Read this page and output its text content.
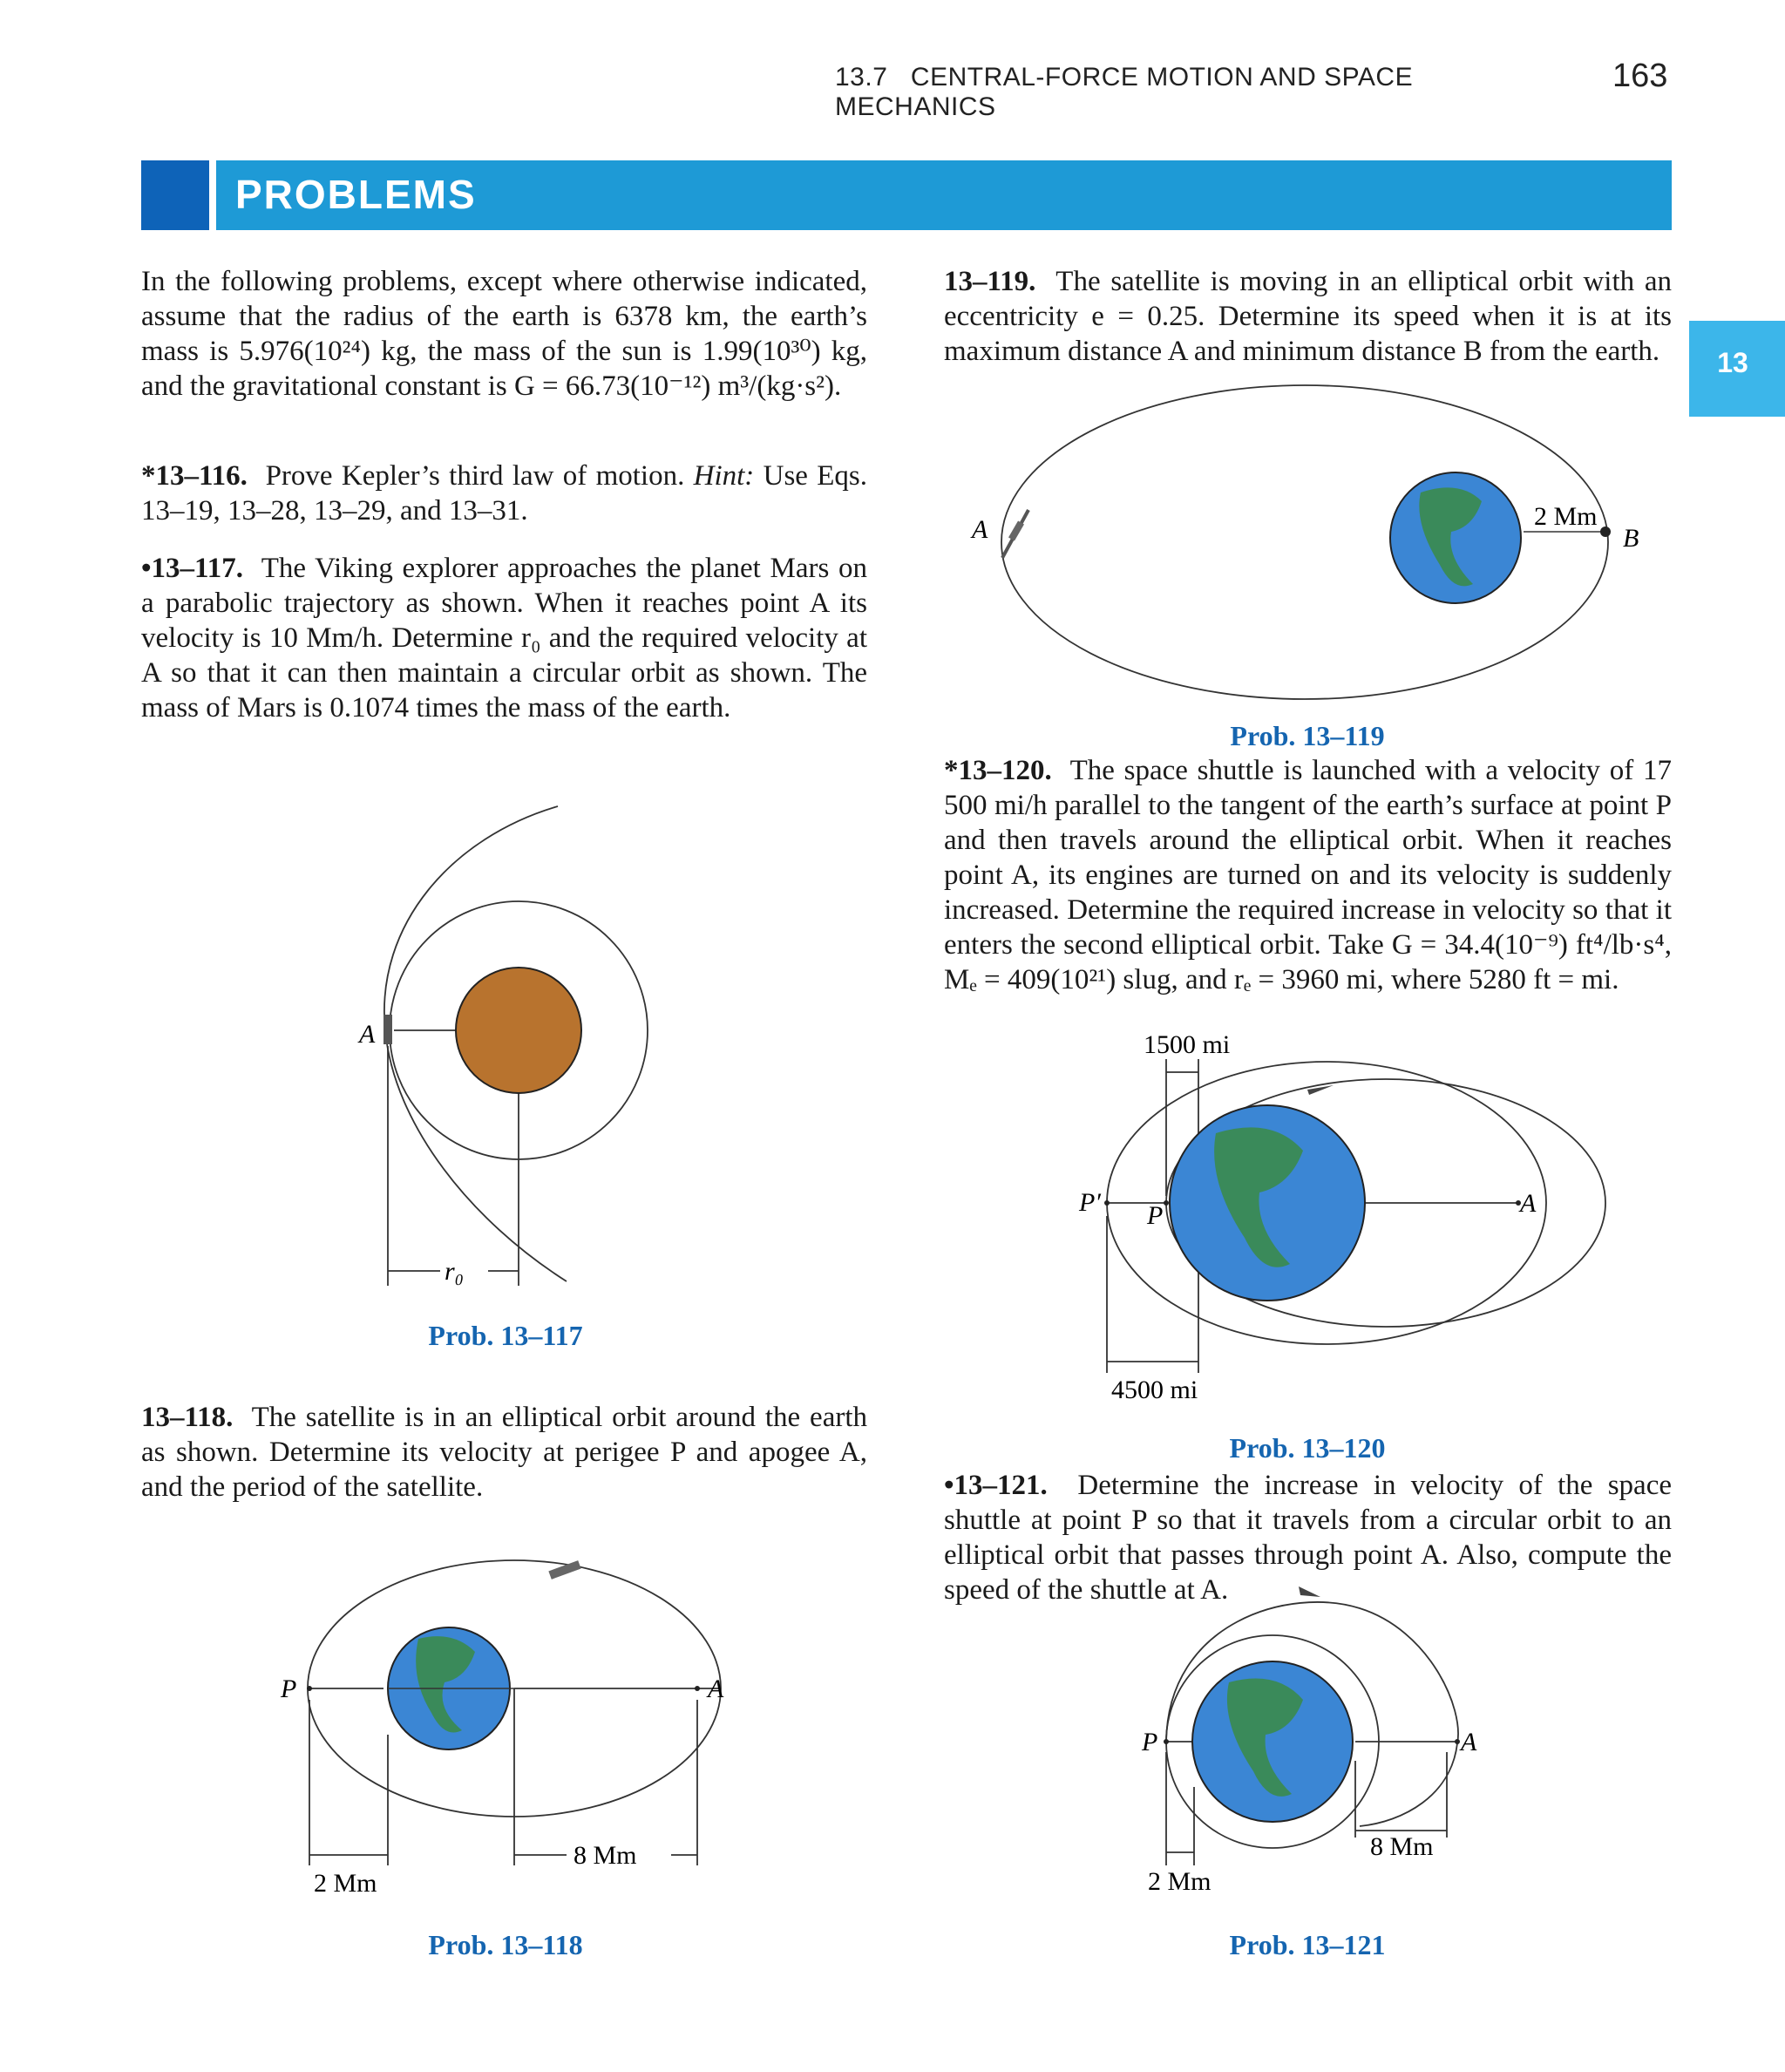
13.7 CENTRAL-FORCE MOTION AND SPACE MECHANICS
163
PROBLEMS
13
In the following problems, except where otherwise indicated, assume that the radius of the earth is 6378 km, the earth’s mass is 5.976(10²⁴) kg, the mass of the sun is 1.99(10³⁰) kg, and the gravitational constant is G = 66.73(10⁻¹²) m³/(kg·s²).
*13–116. Prove Kepler’s third law of motion. Hint: Use Eqs. 13–19, 13–28, 13–29, and 13–31.
•13–117. The Viking explorer approaches the planet Mars on a parabolic trajectory as shown. When it reaches point A its velocity is 10 Mm/h. Determine r₀ and the required velocity at A so that it can then maintain a circular orbit as shown. The mass of Mars is 0.1074 times the mass of the earth.
A
r₀
Prob. 13–117
13–118. The satellite is in an elliptical orbit around the earth as shown. Determine its velocity at perigee P and apogee A, and the period of the satellite.
P	A
2 Mm
8 Mm
Prob. 13–118
13–119. The satellite is moving in an elliptical orbit with an eccentricity e = 0.25. Determine its speed when it is at its maximum distance A and minimum distance B from the earth.
A	B
2 Mm
Prob. 13–119
*13–120. The space shuttle is launched with a velocity of 17 500 mi/h parallel to the tangent of the earth’s surface at point P and then travels around the elliptical orbit. When it reaches point A, its engines are turned on and its velocity is suddenly increased. Determine the required increase in velocity so that it enters the second elliptical orbit. Take G = 34.4(10⁻⁹) ft⁴/lb·s⁴, Mₑ = 409(10²¹) slug, and rₑ = 3960 mi, where 5280 ft = mi.
P′ P	A
1500 mi
4500 mi
Prob. 13–120
•13–121. Determine the increase in velocity of the space shuttle at point P so that it travels from a circular orbit to an elliptical orbit that passes through point A. Also, compute the speed of the shuttle at A.
P	A
2 Mm
8 Mm
Prob. 13–121
